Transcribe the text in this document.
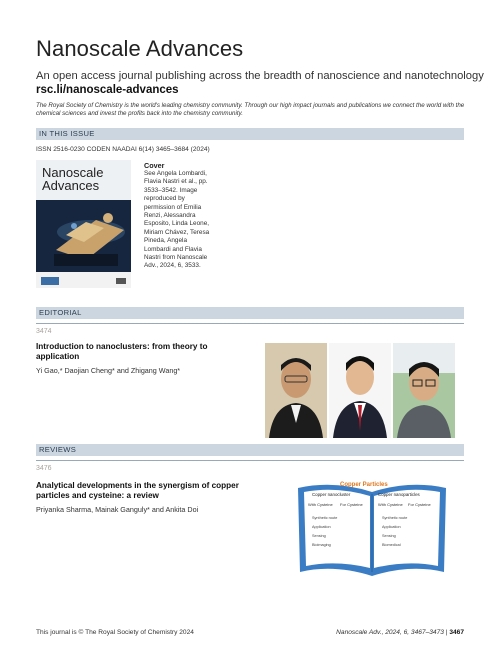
Nanoscale Advances
An open access journal publishing across the breadth of nanoscience and nanotechnology
rsc.li/nanoscale-advances
The Royal Society of Chemistry is the world's leading chemistry community. Through our high impact journals and publications we connect the world with the chemical sciences and invest the profits back into the chemistry community.
IN THIS ISSUE
ISSN 2516-0230 CODEN NAADAI 6(14) 3465–3684 (2024)
Nanoscale
Advances
Cover
See Angela Lombardi, Flavia Nastri et al., pp. 3533–3542. Image reproduced by permission of Emilia Renzi, Alessandra Esposito, Linda Leone, Miriam Chávez, Teresa Pineda, Angela Lombardi and Flavia Nastri from Nanoscale Adv., 2024, 6, 3533.
EDITORIAL
3474
Introduction to nanoclusters: from theory to application
Yi Gao,* Daojian Cheng* and Zhigang Wang*
REVIEWS
3476
Analytical developments in the synergism of copper particles and cysteine: a review
Priyanka Sharma, Mainak Ganguly* and Ankita Doi
Copper Particles
Copper nanocluster	Copper nanoparticles
With Cysteine	For Cysteine	With Cysteine	For Cysteine
Synthetic route
Application
Sensing
Bioimaging
Synthetic route
Application
Sensing
Biomedical
This journal is © The Royal Society of Chemistry 2024	Nanoscale Adv., 2024, 6, 3467–3473 | 3467
